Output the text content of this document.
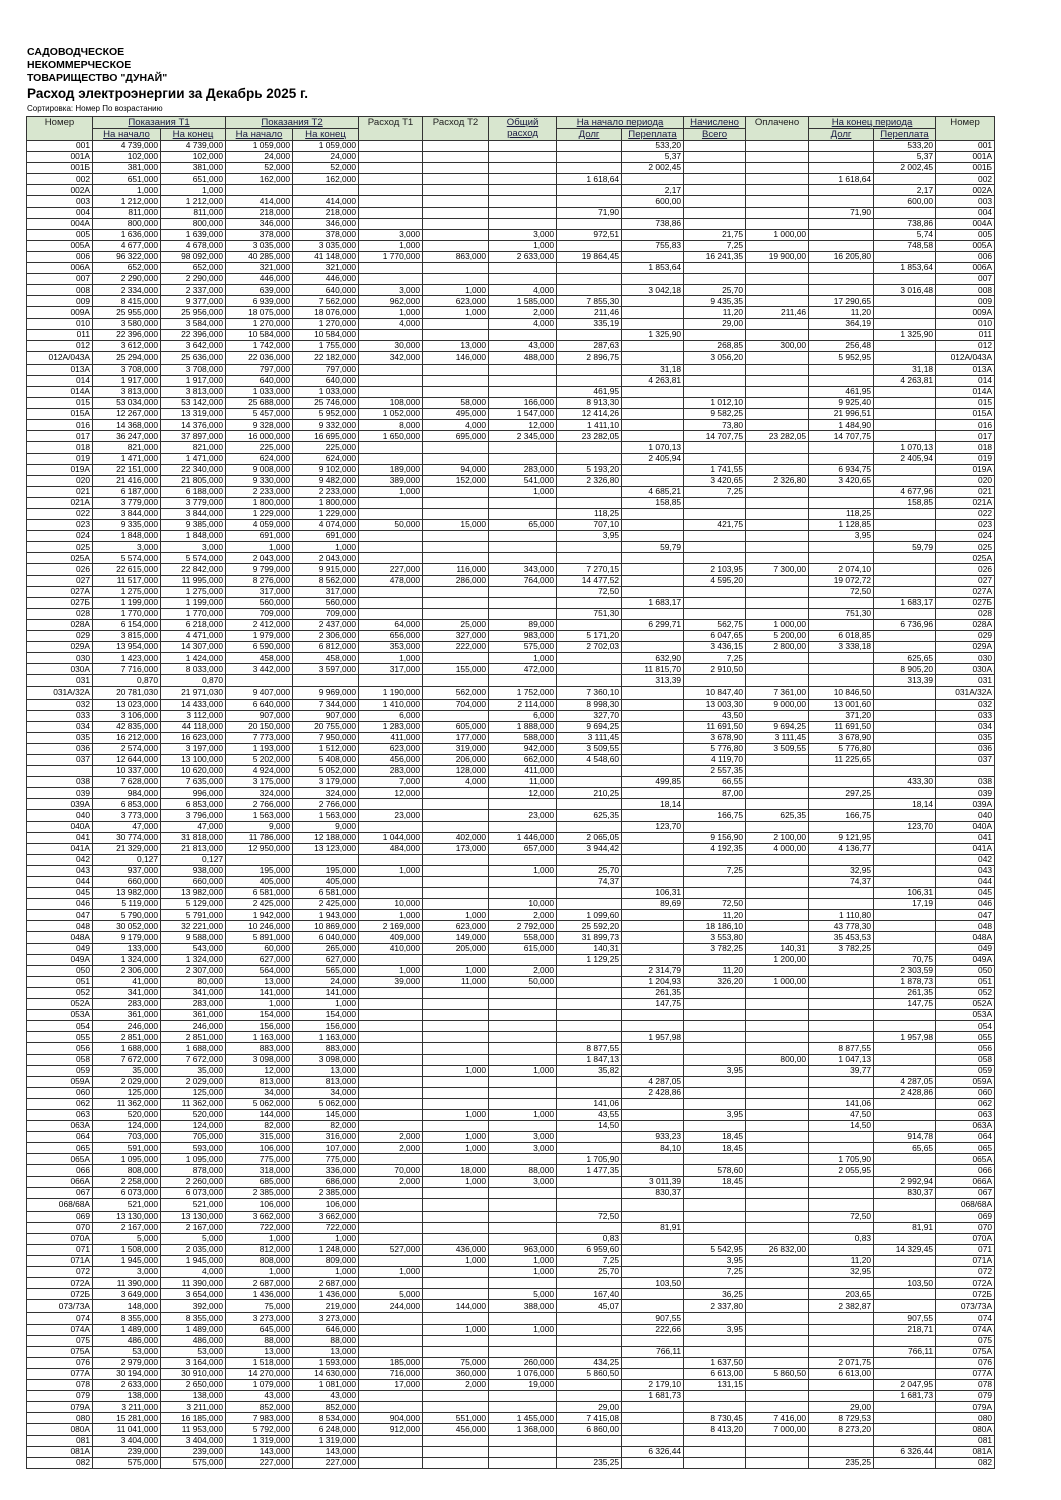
САДОВОДЧЕСКОЕ
НЕКОММЕРЧЕСКОЕ
ТОВАРИЩЕСТВО "ДУНАЙ"
Расход электроэнергии за Декабрь 2025 г.
Сортировка: Номер По возрастанию
Номер	Показания Т1		Показания Т2		Расход Т1	Расход Т2	Общий расход	На начало периода		Начислено	Оплачено	На конец периода		Номер
	На начало	На конец	На начало	На конец				Долг	Переплата	Всего		Долг	Переплата	
001	4 739,000	4 739,000	1 059,000	1 059,000					533,20				533,20	001
001А	102,000	102,000	24,000	24,000					5,37				5,37	001А
001Б	381,000	381,000	52,000	52,000					2 002,45				2 002,45	001Б
002	651,000	651,000	162,000	162,000				1 618,64				1 618,64		002
002А	1,000	1,000							2,17				2,17	002А
003	1 212,000	1 212,000	414,000	414,000					600,00				600,00	003
004	811,000	811,000	218,000	218,000				71,90				71,90		004
004А	800,000	800,000	346,000	346,000					738,86				738,86	004А
005	1 636,000	1 639,000	378,000	378,000	3,000		3,000	972,51		21,75	1 000,00		5,74	005
005А	4 677,000	4 678,000	3 035,000	3 035,000	1,000		1,000		755,83	7,25			748,58	005А
006	96 322,000	98 092,000	40 285,000	41 148,000	1 770,000	863,000	2 633,000	19 864,45		16 241,35	19 900,00	16 205,80		006
006А	652,000	652,000	321,000	321,000					1 853,64				1 853,64	006А
007	2 290,000	2 290,000	446,000	446,000										007
008	2 334,000	2 337,000	639,000	640,000	3,000	1,000	4,000		3 042,18	25,70			3 016,48	008
009	8 415,000	9 377,000	6 939,000	7 562,000	962,000	623,000	1 585,000	7 855,30		9 435,35		17 290,65		009
009А	25 955,000	25 956,000	18 075,000	18 076,000	1,000	1,000	2,000	211,46		11,20	211,46	11,20		009А
010	3 580,000	3 584,000	1 270,000	1 270,000	4,000		4,000	335,19		29,00		364,19		010
011	22 396,000	22 396,000	10 584,000	10 584,000					1 325,90				1 325,90	011
012	3 612,000	3 642,000	1 742,000	1 755,000	30,000	13,000	43,000	287,63		268,85	300,00	256,48		012
012А/043А	25 294,000	25 636,000	22 036,000	22 182,000	342,000	146,000	488,000	2 896,75		3 056,20		5 952,95		012А/043А
013А	3 708,000	3 708,000	797,000	797,000					31,18				31,18	013А
014	1 917,000	1 917,000	640,000	640,000					4 263,81				4 263,81	014
014А	3 813,000	3 813,000	1 033,000	1 033,000				461,95				461,95		014А
015	53 034,000	53 142,000	25 688,000	25 746,000	108,000	58,000	166,000	8 913,30		1 012,10		9 925,40		015
015А	12 267,000	13 319,000	5 457,000	5 952,000	1 052,000	495,000	1 547,000	12 414,26		9 582,25		21 996,51		015А
016	14 368,000	14 376,000	9 328,000	9 332,000	8,000	4,000	12,000	1 411,10		73,80		1 484,90		016
017	36 247,000	37 897,000	16 000,000	16 695,000	1 650,000	695,000	2 345,000	23 282,05		14 707,75	23 282,05	14 707,75		017
018	821,000	821,000	225,000	225,000					1 070,13				1 070,13	018
019	1 471,000	1 471,000	624,000	624,000					2 405,94				2 405,94	019
019А	22 151,000	22 340,000	9 008,000	9 102,000	189,000	94,000	283,000	5 193,20		1 741,55		6 934,75		019А
020	21 416,000	21 805,000	9 330,000	9 482,000	389,000	152,000	541,000	2 326,80		3 420,65	2 326,80	3 420,65		020
021	6 187,000	6 188,000	2 233,000	2 233,000	1,000		1,000		4 685,21	7,25			4 677,96	021
021А	3 779,000	3 779,000	1 800,000	1 800,000					158,85				158,85	021А
022	3 844,000	3 844,000	1 229,000	1 229,000				118,25				118,25		022
023	9 335,000	9 385,000	4 059,000	4 074,000	50,000	15,000	65,000	707,10		421,75		1 128,85		023
024	1 848,000	1 848,000	691,000	691,000				3,95				3,95		024
025	3,000	3,000	1,000	1,000					59,79				59,79	025
025А	5 574,000	5 574,000	2 043,000	2 043,000										025А
026	22 615,000	22 842,000	9 799,000	9 915,000	227,000	116,000	343,000	7 270,15		2 103,95	7 300,00	2 074,10		026
027	11 517,000	11 995,000	8 276,000	8 562,000	478,000	286,000	764,000	14 477,52		4 595,20		19 072,72		027
027А	1 275,000	1 275,000	317,000	317,000				72,50				72,50		027А
027Б	1 199,000	1 199,000	560,000	560,000					1 683,17				1 683,17	027Б
028	1 770,000	1 770,000	709,000	709,000				751,30				751,30		028
028А	6 154,000	6 218,000	2 412,000	2 437,000	64,000	25,000	89,000		6 299,71	562,75	1 000,00		6 736,96	028А
029	3 815,000	4 471,000	1 979,000	2 306,000	656,000	327,000	983,000	5 171,20		6 047,65	5 200,00	6 018,85		029
029А	13 954,000	14 307,000	6 590,000	6 812,000	353,000	222,000	575,000	2 702,03		3 436,15	2 800,00	3 338,18		029А
030	1 423,000	1 424,000	458,000	458,000	1,000		1,000		632,90	7,25			625,65	030
030А	7 716,000	8 033,000	3 442,000	3 597,000	317,000	155,000	472,000		11 815,70	2 910,50			8 905,20	030А
031	0,870	0,870							313,39				313,39	031
031А/32А	20 781,030	21 971,030	9 407,000	9 969,000	1 190,000	562,000	1 752,000	7 360,10		10 847,40	7 361,00	10 846,50		031А/32А
032	13 023,000	14 433,000	6 640,000	7 344,000	1 410,000	704,000	2 114,000	8 998,30		13 003,30	9 000,00	13 001,60		032
033	3 106,000	3 112,000	907,000	907,000	6,000		6,000	327,70		43,50		371,20		033
034	42 835,000	44 118,000	20 150,000	20 755,000	1 283,000	605,000	1 888,000	9 694,25		11 691,50	9 694,25	11 691,50		034
035	16 212,000	16 623,000	7 773,000	7 950,000	411,000	177,000	588,000	3 111,45		3 678,90	3 111,45	3 678,90		035
036	2 574,000	3 197,000	1 193,000	1 512,000	623,000	319,000	942,000	3 509,55		5 776,80	3 509,55	5 776,80		036
037	12 644,000	13 100,000	5 202,000	5 408,000	456,000	206,000	662,000	4 548,60		4 119,70		11 225,65		037
	10 337,000	10 620,000	4 924,000	5 052,000	283,000	128,000	411,000			2 557,35				
038	7 628,000	7 635,000	3 175,000	3 179,000	7,000	4,000	11,000		499,85	66,55			433,30	038
039	984,000	996,000	324,000	324,000	12,000		12,000	210,25		87,00		297,25		039
039А	6 853,000	6 853,000	2 766,000	2 766,000					18,14				18,14	039А
040	3 773,000	3 796,000	1 563,000	1 563,000	23,000		23,000	625,35		166,75	625,35	166,75		040
040А	47,000	47,000	9,000	9,000					123,70				123,70	040А
041	30 774,000	31 818,000	11 786,000	12 188,000	1 044,000	402,000	1 446,000	2 065,05		9 156,90	2 100,00	9 121,95		041
041А	21 329,000	21 813,000	12 950,000	13 123,000	484,000	173,000	657,000	3 944,42		4 192,35	4 000,00	4 136,77		041А
042	0,127	0,127												042
043	937,000	938,000	195,000	195,000	1,000		1,000	25,70		7,25		32,95		043
044	660,000	660,000	405,000	405,000				74,37				74,37		044
045	13 982,000	13 982,000	6 581,000	6 581,000					106,31				106,31	045
046	5 119,000	5 129,000	2 425,000	2 425,000	10,000		10,000		89,69	72,50			17,19	046
047	5 790,000	5 791,000	1 942,000	1 943,000	1,000	1,000	2,000	1 099,60		11,20		1 110,80		047
048	30 052,000	32 221,000	10 246,000	10 869,000	2 169,000	623,000	2 792,000	25 592,20		18 186,10		43 778,30		048
048А	9 179,000	9 588,000	5 891,000	6 040,000	409,000	149,000	558,000	31 899,73		3 553,80		35 453,53		048А
049	133,000	543,000	60,000	265,000	410,000	205,000	615,000	140,31		3 782,25	140,31	3 782,25		049
049А	1 324,000	1 324,000	627,000	627,000				1 129,25			1 200,00		70,75	049А
050	2 306,000	2 307,000	564,000	565,000	1,000	1,000	2,000		2 314,79	11,20			2 303,59	050
051	41,000	80,000	13,000	24,000	39,000	11,000	50,000		1 204,93	326,20	1 000,00		1 878,73	051
052	341,000	341,000	141,000	141,000					261,35				261,35	052
052А	283,000	283,000	1,000	1,000					147,75				147,75	052А
053А	361,000	361,000	154,000	154,000										053А
054	246,000	246,000	156,000	156,000										054
055	2 851,000	2 851,000	1 163,000	1 163,000					1 957,98				1 957,98	055
056	1 688,000	1 688,000	883,000	883,000				8 877,55				8 877,55		056
058	7 672,000	7 672,000	3 098,000	3 098,000				1 847,13			800,00	1 047,13		058
059	35,000	35,000	12,000	13,000		1,000	1,000	35,82		3,95		39,77		059
059А	2 029,000	2 029,000	813,000	813,000					4 287,05				4 287,05	059А
060	125,000	125,000	34,000	34,000					2 428,86				2 428,86	060
062	11 362,000	11 362,000	5 062,000	5 062,000				141,06				141,06		062
063	520,000	520,000	144,000	145,000		1,000	1,000	43,55		3,95		47,50		063
063А	124,000	124,000	82,000	82,000				14,50				14,50		063А
064	703,000	705,000	315,000	316,000	2,000	1,000	3,000		933,23	18,45			914,78	064
065	591,000	593,000	106,000	107,000	2,000	1,000	3,000		84,10	18,45			65,65	065
065А	1 095,000	1 095,000	775,000	775,000				1 705,90				1 705,90		065А
066	808,000	878,000	318,000	336,000	70,000	18,000	88,000	1 477,35		578,60		2 055,95		066
066А	2 258,000	2 260,000	685,000	686,000	2,000	1,000	3,000		3 011,39	18,45			2 992,94	066А
067	6 073,000	6 073,000	2 385,000	2 385,000					830,37				830,37	067
068/68А	521,000	521,000	106,000	106,000										068/68А
069	13 130,000	13 130,000	3 662,000	3 662,000				72,50				72,50		069
070	2 167,000	2 167,000	722,000	722,000					81,91				81,91	070
070А	5,000	5,000	1,000	1,000				0,83				0,83		070А
071	1 508,000	2 035,000	812,000	1 248,000	527,000	436,000	963,000	6 959,60		5 542,95	26 832,00		14 329,45	071
071А	1 945,000	1 945,000	808,000	809,000		1,000	1,000	7,25		3,95		11,20		071А
072	3,000	4,000	1,000	1,000	1,000		1,000	25,70		7,25		32,95		072
072А	11 390,000	11 390,000	2 687,000	2 687,000					103,50				103,50	072А
072Б	3 649,000	3 654,000	1 436,000	1 436,000	5,000		5,000	167,40		36,25		203,65		072Б
073/73А	148,000	392,000	75,000	219,000	244,000	144,000	388,000	45,07		2 337,80		2 382,87		073/73А
074	8 355,000	8 355,000	3 273,000	3 273,000					907,55				907,55	074
074А	1 489,000	1 489,000	645,000	646,000		1,000	1,000		222,66	3,95			218,71	074А
075	486,000	486,000	88,000	88,000										075
075А	53,000	53,000	13,000	13,000					766,11				766,11	075А
076	2 979,000	3 164,000	1 518,000	1 593,000	185,000	75,000	260,000	434,25		1 637,50		2 071,75		076
077А	30 194,000	30 910,000	14 270,000	14 630,000	716,000	360,000	1 076,000	5 860,50		6 613,00	5 860,50	6 613,00		077А
078	2 633,000	2 650,000	1 079,000	1 081,000	17,000	2,000	19,000		2 179,10	131,15			2 047,95	078
079	138,000	138,000	43,000	43,000					1 681,73				1 681,73	079
079А	3 211,000	3 211,000	852,000	852,000				29,00				29,00		079А
080	15 281,000	16 185,000	7 983,000	8 534,000	904,000	551,000	1 455,000	7 415,08		8 730,45	7 416,00	8 729,53		080
080А	11 041,000	11 953,000	5 792,000	6 248,000	912,000	456,000	1 368,000	6 860,00		8 413,20	7 000,00	8 273,20		080А
081	3 404,000	3 404,000	1 319,000	1 319,000										081
081А	239,000	239,000	143,000	143,000					6 326,44				6 326,44	081А
082	575,000	575,000	227,000	227,000				235,25				235,25		082
